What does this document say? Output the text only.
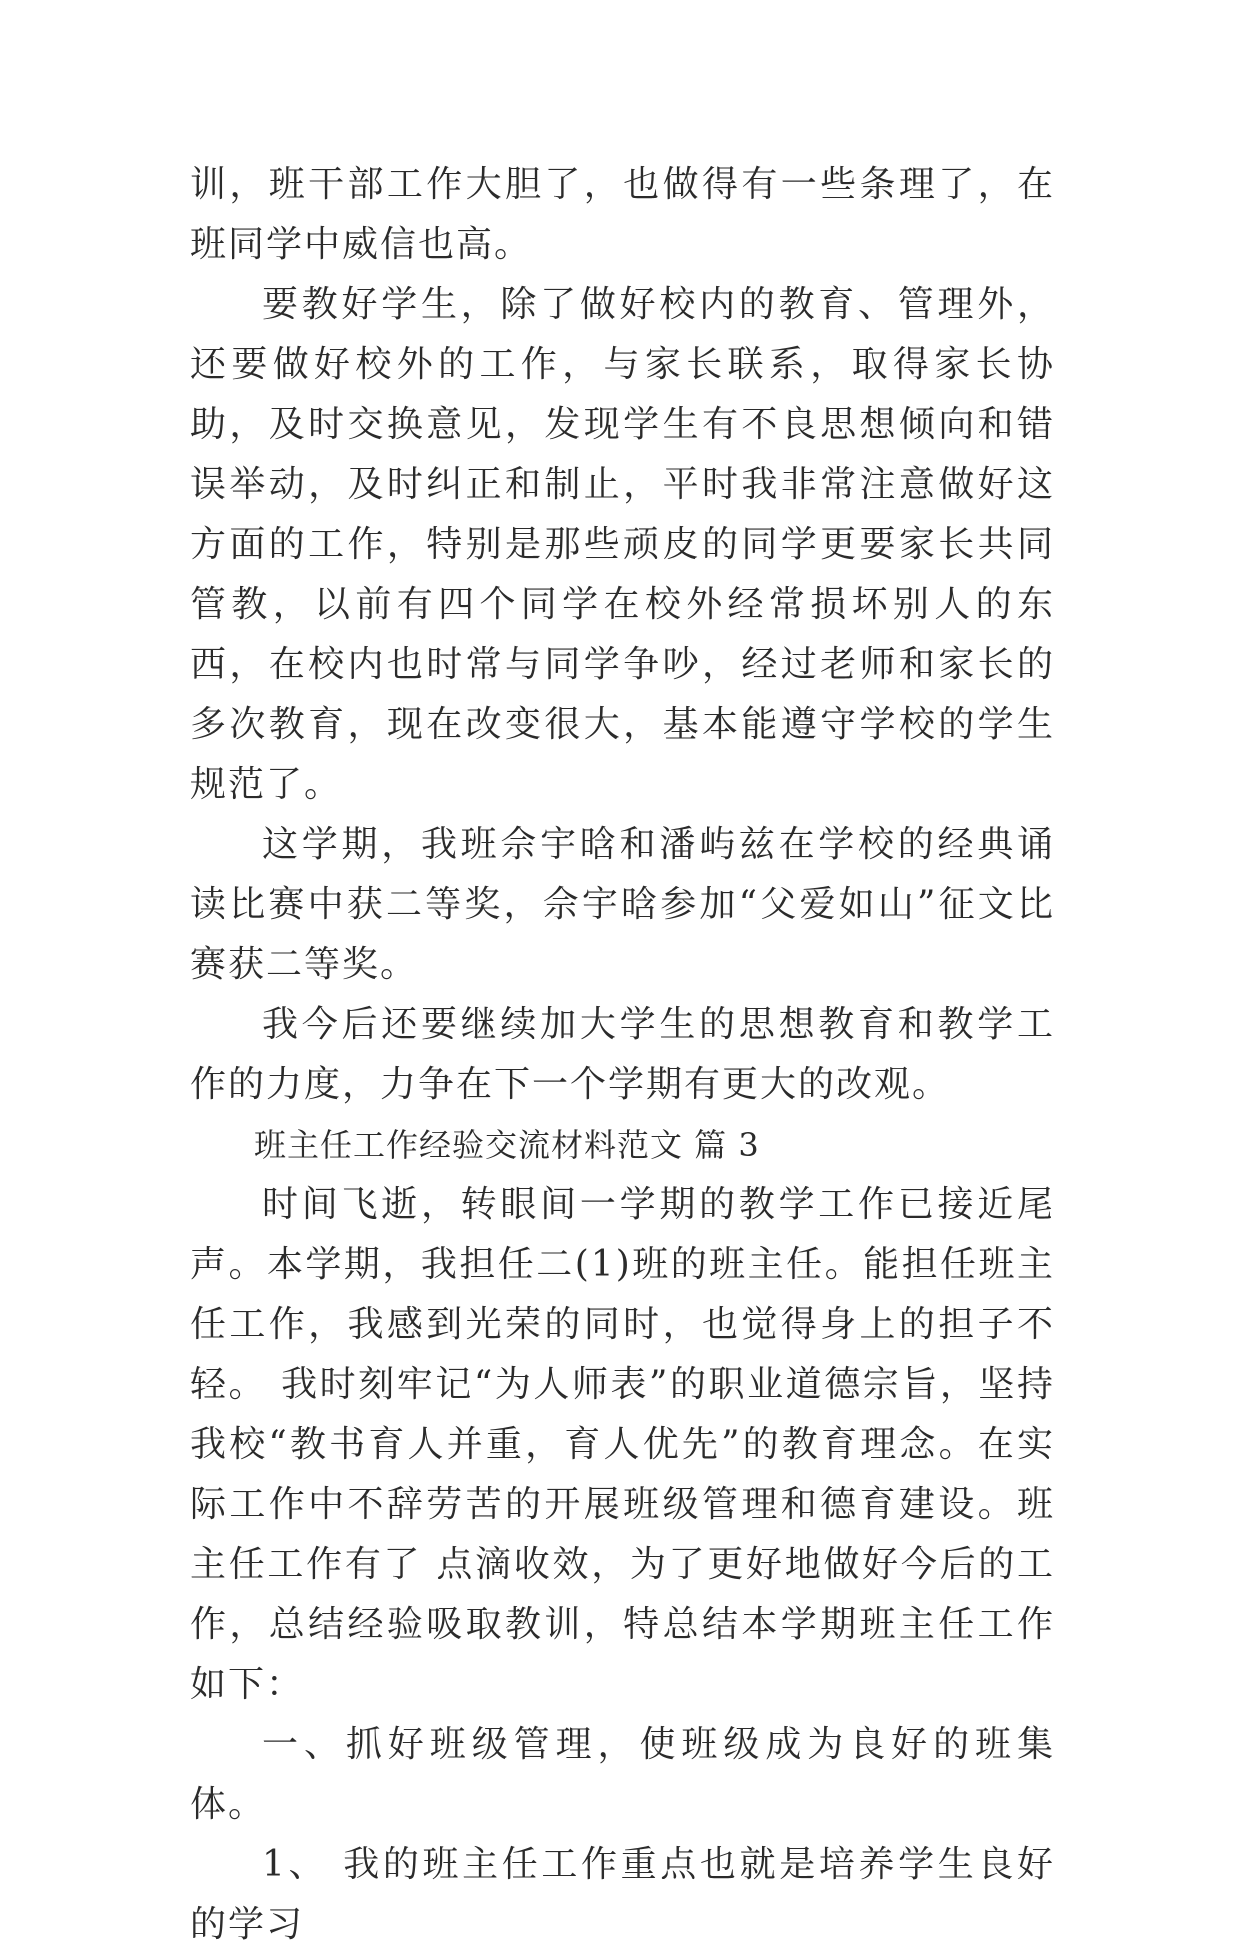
训，班干部工作大胆了，也做得有一些条理了，在班同学中威信也高。

要教好学生，除了做好校内的教育、管理外，还要做好校外的工作，与家长联系，取得家长协助，及时交换意见，发现学生有不良思想倾向和错误举动，及时纠正和制止，平时我非常注意做好这方面的工作，特别是那些顽皮的同学更要家长共同管教，以前有四个同学在校外经常损坏别人的东西，在校内也时常与同学争吵，经过老师和家长的多次教育，现在改变很大，基本能遵守学校的学生规范了。

这学期，我班佘宇晗和潘屿兹在学校的经典诵读比赛中获二等奖，佘宇晗参加“父爱如山”征文比赛获二等奖。

我今后还要继续加大学生的思想教育和教学工作的力度，力争在下一个学期有更大的改观。

班主任工作经验交流材料范文 篇 3

时间飞逝，转眼间一学期的教学工作已接近尾声。本学期，我担任二(1)班的班主任。能担任班主任工作，我感到光荣的同时，也觉得身上的担子不轻。 我时刻牢记“为人师表”的职业道德宗旨，坚持我校“教书育人并重，育人优先”的教育理念。在实际工作中不辞劳苦的开展班级管理和德育建设。班主任工作有了 点滴收效，为了更好地做好今后的工作，总结经验吸取教训，特总结本学期班主任工作如下：

一、抓好班级管理，使班级成为良好的班集体。

1、 我的班主任工作重点也就是培养学生良好的学习
